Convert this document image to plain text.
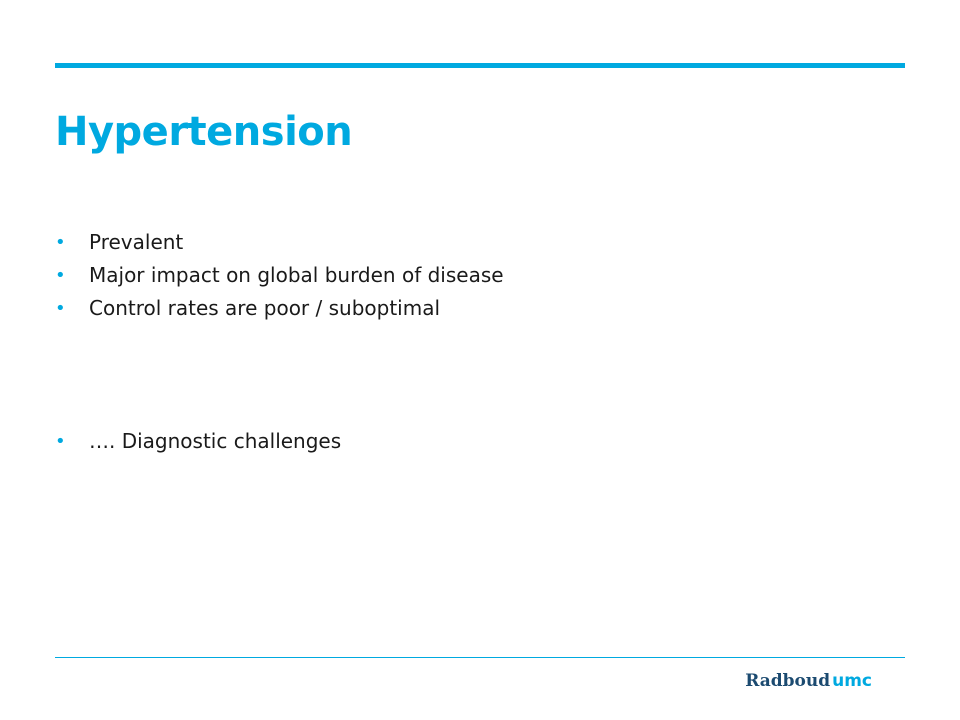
Hypertension
• Prevalent
• Major impact on global burden of disease
• Control rates are poor / suboptimal
• …. Diagnostic challenges
Radboud umc
